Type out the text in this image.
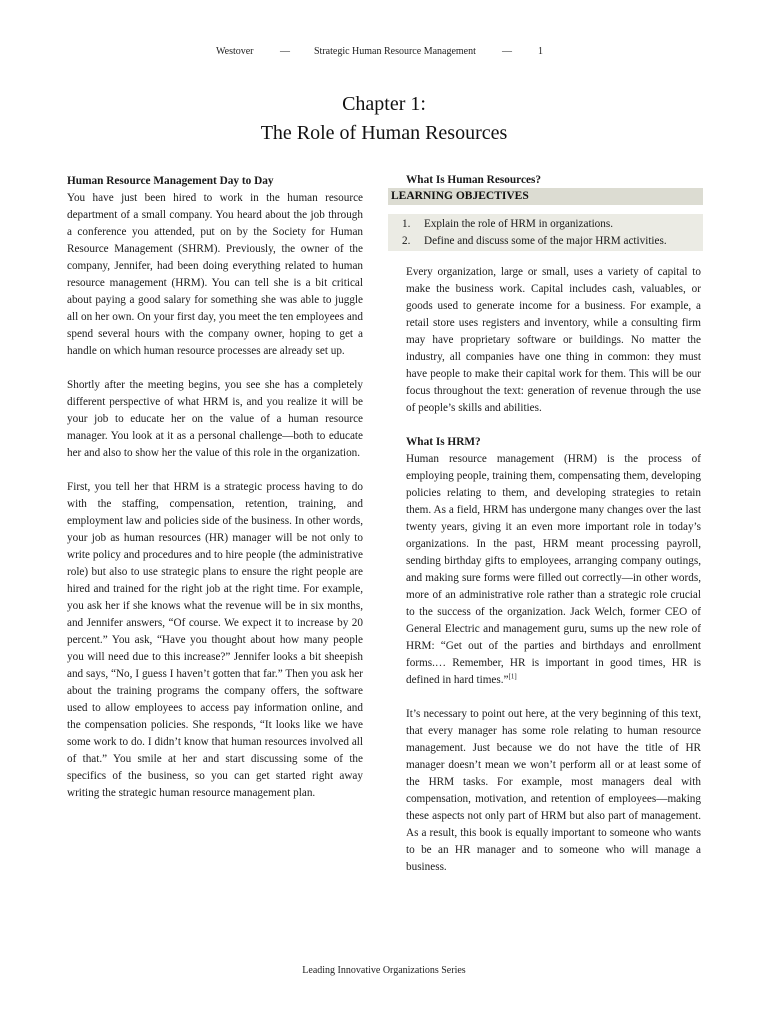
Westover	— Strategic Human Resource Management	—	1
Chapter 1:
The Role of Human Resources
Human Resource Management Day to Day

You have just been hired to work in the human resource department of a small company. You heard about the job through a conference you attended, put on by the Society for Human Resource Management (SHRM). Previously, the owner of the company, Jennifer, had been doing everything related to human resource management (HRM). You can tell she is a bit critical about paying a good salary for something she was able to juggle all on her own. On your first day, you meet the ten employees and spend several hours with the company owner, hoping to get a handle on which human resource processes are already set up.

Shortly after the meeting begins, you see she has a completely different perspective of what HRM is, and you realize it will be your job to educate her on the value of a human resource manager. You look at it as a personal challenge—both to educate her and also to show her the value of this role in the organization.

First, you tell her that HRM is a strategic process having to do with the staffing, compensation, retention, training, and employment law and policies side of the business. In other words, your job as human resources (HR) manager will be not only to write policy and procedures and to hire people (the administrative role) but also to use strategic plans to ensure the right people are hired and trained for the right job at the right time. For example, you ask her if she knows what the revenue will be in six months, and Jennifer answers, “Of course. We expect it to increase by 20 percent.” You ask, “Have you thought about how many people you will need due to this increase?” Jennifer looks a bit sheepish and says, “No, I guess I haven’t gotten that far.” Then you ask her about the training programs the company offers, the software used to allow employees to access pay information online, and the compensation policies. She responds, “It looks like we have some work to do. I didn’t know that human resources involved all of that.” You smile at her and start discussing some of the specifics of the business, so you can get started right away writing the strategic human resource management plan.

What Is Human Resources?
LEARNING OBJECTIVES
1. Explain the role of HRM in organizations.
2. Define and discuss some of the major HRM activities.

Every organization, large or small, uses a variety of capital to make the business work. Capital includes cash, valuables, or goods used to generate income for a business. For example, a retail store uses registers and inventory, while a consulting firm may have proprietary software or buildings. No matter the industry, all companies have one thing in common: they must have people to make their capital work for them. This will be our focus throughout the text: generation of revenue through the use of people’s skills and abilities.

What Is HRM?

Human resource management (HRM) is the process of employing people, training them, compensating them, developing policies relating to them, and developing strategies to retain them. As a field, HRM has undergone many changes over the last twenty years, giving it an even more important role in today’s organizations. In the past, HRM meant processing payroll, sending birthday gifts to employees, arranging company outings, and making sure forms were filled out correctly—in other words, more of an administrative role rather than a strategic role crucial to the success of the organization. Jack Welch, former CEO of General Electric and management guru, sums up the new role of HRM: “Get out of the parties and birthdays and enrollment forms.… Remember, HR is important in good times, HR is defined in hard times.”[1]

It’s necessary to point out here, at the very beginning of this text, that every manager has some role relating to human resource management. Just because we do not have the title of HR manager doesn’t mean we won’t perform all or at least some of the HRM tasks. For example, most managers deal with compensation, motivation, and retention of employees—making these aspects not only part of HRM but also part of management. As a result, this book is equally important to someone who wants to be an HR manager and to someone who will manage a business.

Leading Innovative Organizations Series
